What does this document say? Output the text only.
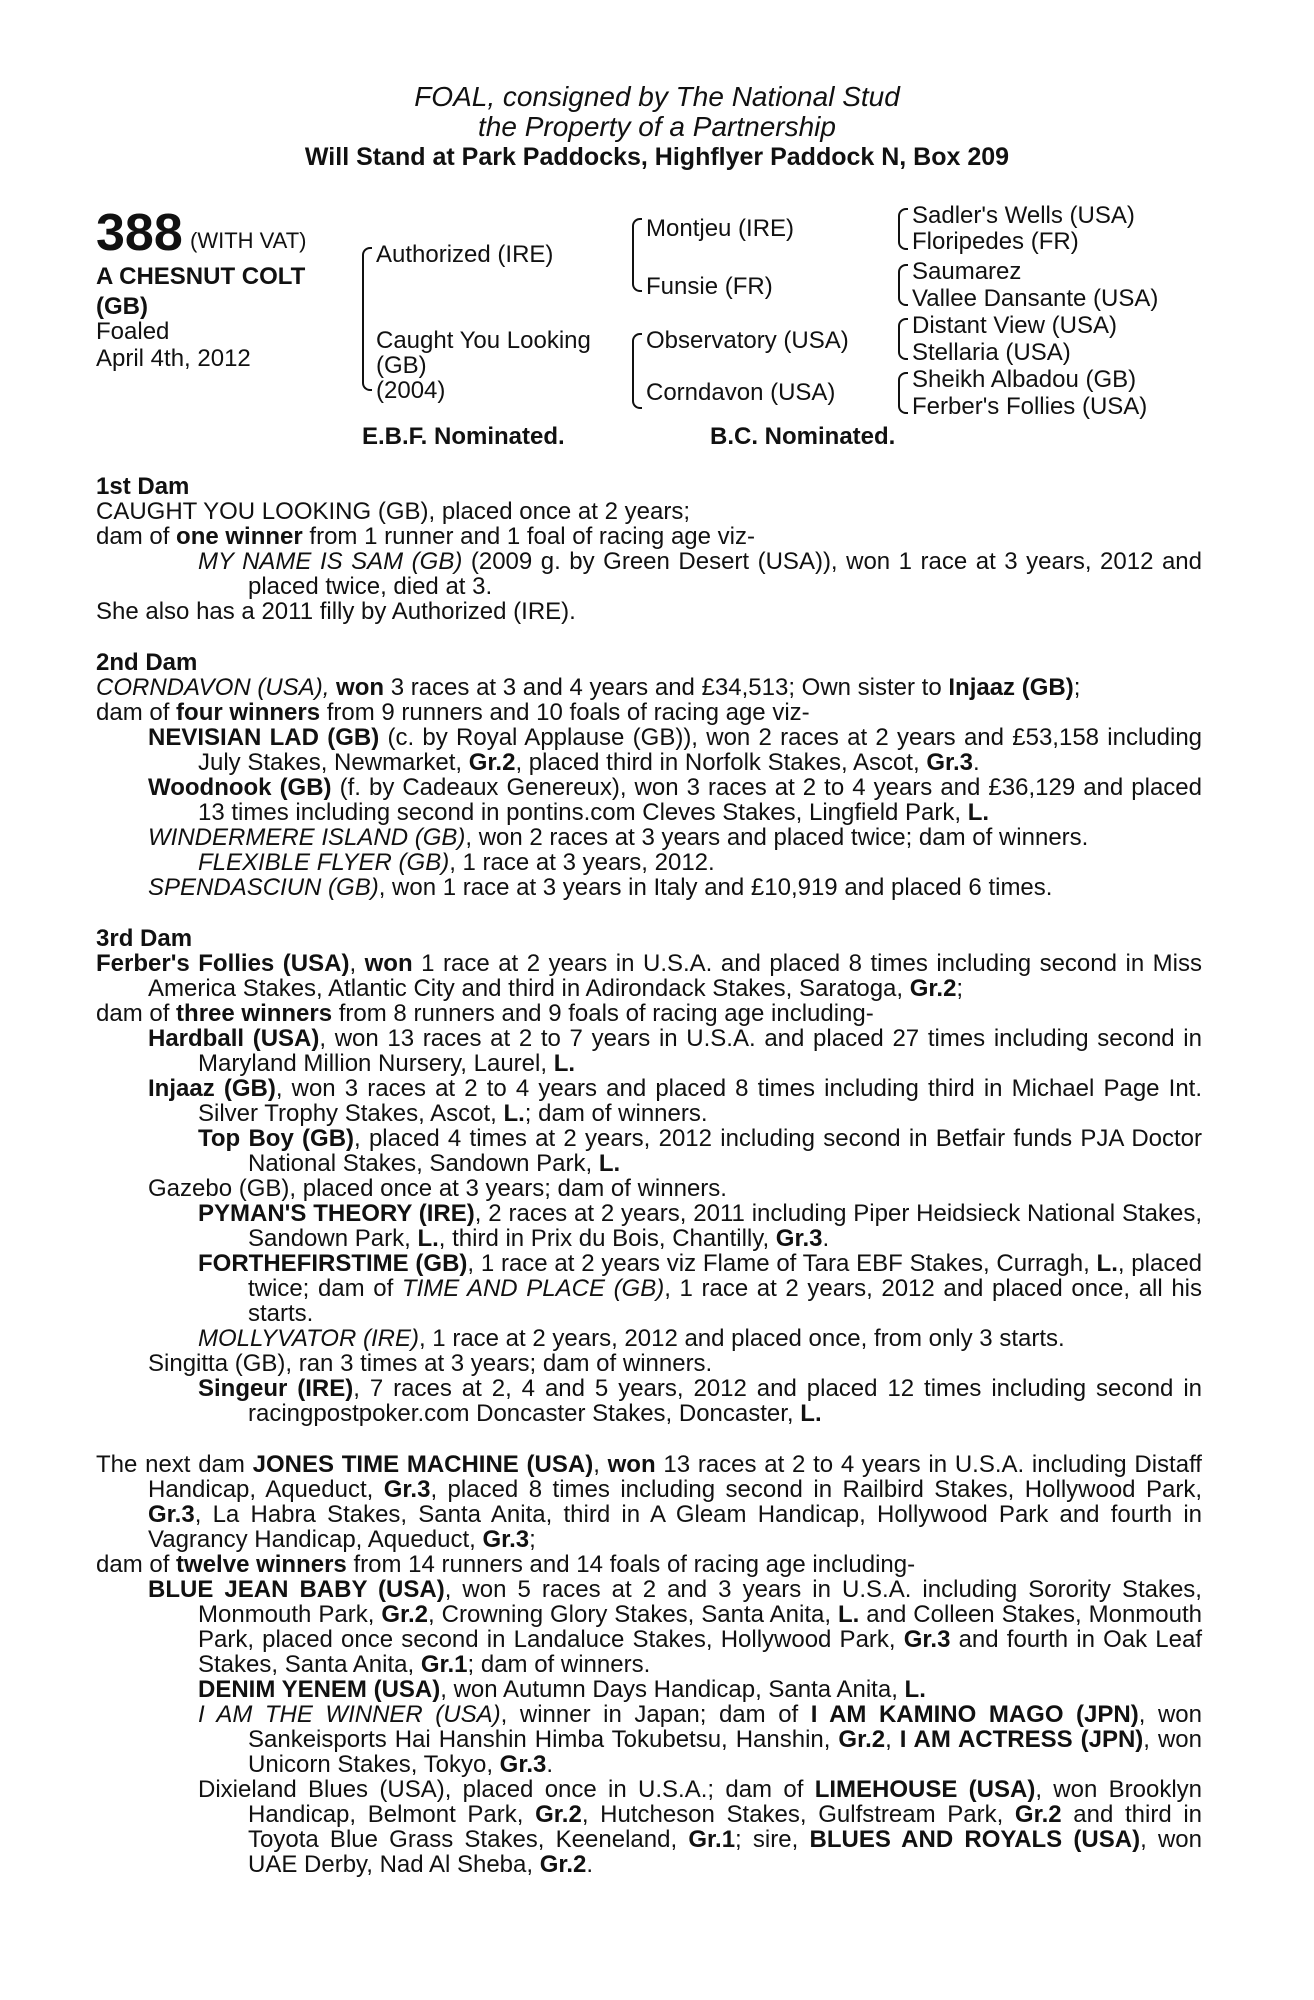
FOAL, consigned by The National Stud
the Property of a Partnership
Will Stand at Park Paddocks, Highflyer Paddock N, Box 209
388 (WITH VAT)
A CHESNUT COLT
(GB)
Foaled
April 4th, 2012
Authorized (IRE)
Caught You Looking
(GB)
(2004)
Montjeu (IRE)
Funsie (FR)
Observatory (USA)
Corndavon (USA)
Sadler's Wells (USA)
Floripedes (FR)
Saumarez
Vallee Dansante (USA)
Distant View (USA)
Stellaria (USA)
Sheikh Albadou (GB)
Ferber's Follies (USA)
E.B.F. Nominated.	B.C. Nominated.
1st Dam
CAUGHT YOU LOOKING (GB), placed once at 2 years;
dam of one winner from 1 runner and 1 foal of racing age viz-
MY NAME IS SAM (GB) (2009 g. by Green Desert (USA)), won 1 race at 3 years, 2012 and placed twice, died at 3.
She also has a 2011 filly by Authorized (IRE).
2nd Dam
CORNDAVON (USA), won 3 races at 3 and 4 years and £34,513; Own sister to Injaaz (GB);
dam of four winners from 9 runners and 10 foals of racing age viz-
NEVISIAN LAD (GB) (c. by Royal Applause (GB)), won 2 races at 2 years and £53,158 including July Stakes, Newmarket, Gr.2, placed third in Norfolk Stakes, Ascot, Gr.3.
Woodnook (GB) (f. by Cadeaux Genereux), won 3 races at 2 to 4 years and £36,129 and placed 13 times including second in pontins.com Cleves Stakes, Lingfield Park, L.
WINDERMERE ISLAND (GB), won 2 races at 3 years and placed twice; dam of winners.
FLEXIBLE FLYER (GB), 1 race at 3 years, 2012.
SPENDASCIUN (GB), won 1 race at 3 years in Italy and £10,919 and placed 6 times.
3rd Dam
Ferber's Follies (USA), won 1 race at 2 years in U.S.A. and placed 8 times including second in Miss America Stakes, Atlantic City and third in Adirondack Stakes, Saratoga, Gr.2;
dam of three winners from 8 runners and 9 foals of racing age including-
Hardball (USA), won 13 races at 2 to 7 years in U.S.A. and placed 27 times including second in Maryland Million Nursery, Laurel, L.
Injaaz (GB), won 3 races at 2 to 4 years and placed 8 times including third in Michael Page Int. Silver Trophy Stakes, Ascot, L.; dam of winners.
Top Boy (GB), placed 4 times at 2 years, 2012 including second in Betfair funds PJA Doctor National Stakes, Sandown Park, L.
Gazebo (GB), placed once at 3 years; dam of winners.
PYMAN'S THEORY (IRE), 2 races at 2 years, 2011 including Piper Heidsieck National Stakes, Sandown Park, L., third in Prix du Bois, Chantilly, Gr.3.
FORTHEFIRSTIME (GB), 1 race at 2 years viz Flame of Tara EBF Stakes, Curragh, L., placed twice; dam of TIME AND PLACE (GB), 1 race at 2 years, 2012 and placed once, all his starts.
MOLLYVATOR (IRE), 1 race at 2 years, 2012 and placed once, from only 3 starts.
Singitta (GB), ran 3 times at 3 years; dam of winners.
Singeur (IRE), 7 races at 2, 4 and 5 years, 2012 and placed 12 times including second in racingpostpoker.com Doncaster Stakes, Doncaster, L.
The next dam JONES TIME MACHINE (USA), won 13 races at 2 to 4 years in U.S.A. including Distaff Handicap, Aqueduct, Gr.3, placed 8 times including second in Railbird Stakes, Hollywood Park, Gr.3, La Habra Stakes, Santa Anita, third in A Gleam Handicap, Hollywood Park and fourth in Vagrancy Handicap, Aqueduct, Gr.3;
dam of twelve winners from 14 runners and 14 foals of racing age including-
BLUE JEAN BABY (USA), won 5 races at 2 and 3 years in U.S.A. including Sorority Stakes, Monmouth Park, Gr.2, Crowning Glory Stakes, Santa Anita, L. and Colleen Stakes, Monmouth Park, placed once second in Landaluce Stakes, Hollywood Park, Gr.3 and fourth in Oak Leaf Stakes, Santa Anita, Gr.1; dam of winners.
DENIM YENEM (USA), won Autumn Days Handicap, Santa Anita, L.
I AM THE WINNER (USA), winner in Japan; dam of I AM KAMINO MAGO (JPN), won Sankeisports Hai Hanshin Himba Tokubetsu, Hanshin, Gr.2, I AM ACTRESS (JPN), won Unicorn Stakes, Tokyo, Gr.3.
Dixieland Blues (USA), placed once in U.S.A.; dam of LIMEHOUSE (USA), won Brooklyn Handicap, Belmont Park, Gr.2, Hutcheson Stakes, Gulfstream Park, Gr.2 and third in Toyota Blue Grass Stakes, Keeneland, Gr.1; sire, BLUES AND ROYALS (USA), won UAE Derby, Nad Al Sheba, Gr.2.
